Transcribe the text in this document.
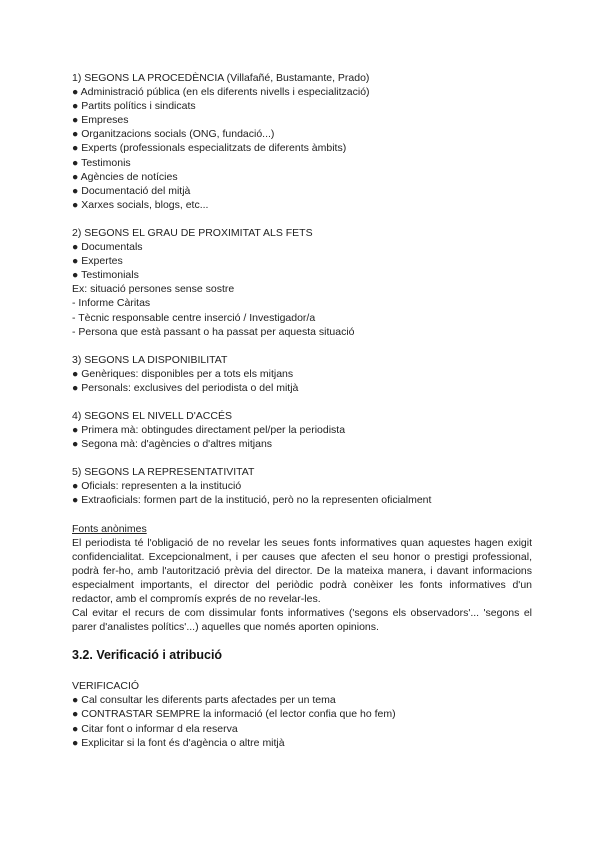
1) SEGONS LA PROCEDÈNCIA (Villafañé, Bustamante, Prado)
● Administració pública (en els diferents nivells i especialització)
● Partits polítics i sindicats
● Empreses
● Organitzacions socials (ONG, fundació...)
● Experts (professionals especialitzats de diferents àmbits)
● Testimonis
● Agències de notícies
● Documentació del mitjà
● Xarxes socials, blogs, etc...
2) SEGONS EL GRAU DE PROXIMITAT ALS FETS
● Documentals
● Expertes
● Testimonials
Ex: situació persones sense sostre
- Informe Càritas
- Tècnic responsable centre inserció / Investigador/a
- Persona que està passant o ha passat per aquesta situació
3) SEGONS LA DISPONIBILITAT
● Genèriques: disponibles per a tots els mitjans
● Personals: exclusives del periodista o del mitjà
4) SEGONS EL NIVELL D'ACCÉS
● Primera mà: obtingudes directament pel/per la periodista
● Segona mà: d'agències o d'altres mitjans
5) SEGONS LA REPRESENTATIVITAT
● Oficials: representen a la institució
● Extraoficials: formen part de la institució, però no la representen oficialment
Fonts anònimes
El periodista té l'obligació de no revelar les seues fonts informatives quan aquestes hagen exigit confidencialitat. Excepcionalment, i per causes que afecten el seu honor o prestigi professional, podrà fer-ho, amb l'autorització prèvia del director. De la mateixa manera, i davant informacions especialment importants, el director del periòdic podrà conèixer les fonts informatives d'un redactor, amb el compromís exprés de no revelar-les.
Cal evitar el recurs de com dissimular fonts informatives ('segons els observadors'... 'segons el parer d'analistes polítics'...) aquelles que només aporten opinions.
3.2. Verificació i atribució
VERIFICACIÓ
● Cal consultar les diferents parts afectades per un tema
● CONTRASTAR SEMPRE la informació (el lector confia que ho fem)
● Citar font o informar d ela reserva
● Explicitar si la font és d'agència o altre mitjà
